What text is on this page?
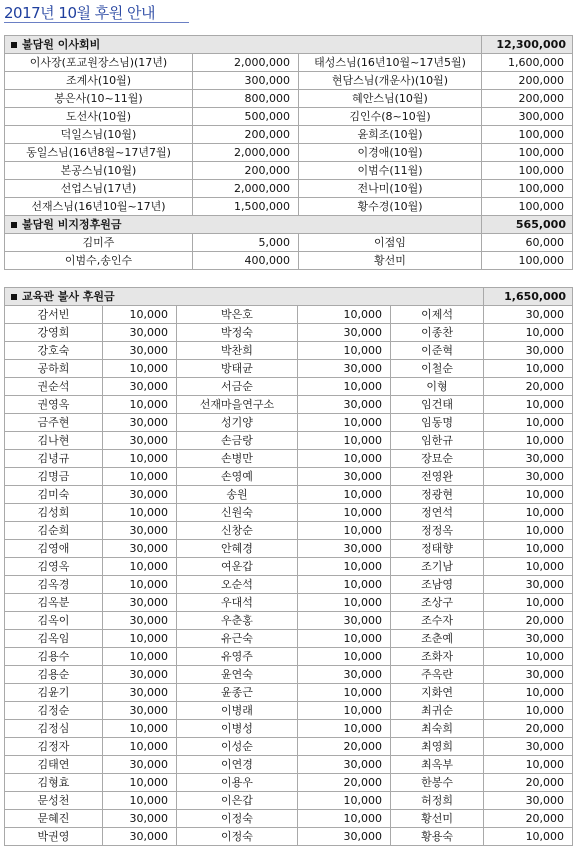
2017년 10월 후원 안내
불담원 이사회비			12,300,000
이사장(포교원장스님)(17년)	2,000,000	태성스님(16년10월~17년5월)	1,600,000
조계사(10월)	300,000	현담스님(개운사)(10월)	200,000
봉은사(10~11월)	800,000	혜안스님(10월)	200,000
도선사(10월)	500,000	김인수(8~10월)	300,000
덕일스님(10월)	200,000	윤희조(10월)	100,000
동일스님(16년8월~17년7월)	2,000,000	이경애(10월)	100,000
본공스님(10월)	200,000	이범수(11월)	100,000
선업스님(17년)	2,000,000	전나미(10월)	100,000
선재스님(16년10월~17년)	1,500,000	황수경(10월)	100,000
불담원 비지정후원금			565,000
김미주	5,000	이점임	60,000
이범수,송인수	400,000	황선미	100,000
교육관 불사 후원금					1,650,000
감서빈	10,000	박은호	10,000	이제석	30,000
강영희	30,000	박정숙	30,000	이종찬	10,000
강호숙	30,000	박찬희	10,000	이준혁	30,000
공하희	10,000	방태균	30,000	이철순	10,000
권순석	30,000	서금순	10,000	이형	20,000
권영옥	10,000	선재마을연구소	30,000	임건태	10,000
금주현	30,000	성기양	10,000	임동명	10,000
김나현	30,000	손금랑	10,000	임한규	10,000
김녕규	10,000	손병만	10,000	장묘순	30,000
김명금	10,000	손영예	30,000	전영완	30,000
김미숙	30,000	송원	10,000	정광현	10,000
김성희	10,000	신원숙	10,000	정연석	10,000
김순희	30,000	신창순	10,000	정정옥	10,000
김영애	30,000	안혜경	30,000	정태향	10,000
김영옥	10,000	여운갑	10,000	조기남	10,000
김옥경	10,000	오순석	10,000	조남영	30,000
김옥분	30,000	우대석	10,000	조상구	10,000
김옥이	30,000	우춘홍	30,000	조수자	20,000
김옥임	10,000	유근숙	10,000	조춘예	30,000
김용수	10,000	유영주	10,000	조화자	10,000
김용순	30,000	윤연숙	30,000	주옥란	30,000
김윤기	30,000	윤종근	10,000	지화연	10,000
김정순	30,000	이병래	10,000	최귀순	10,000
김정심	10,000	이병성	10,000	최숙희	20,000
김정자	10,000	이성순	20,000	최영희	30,000
김태연	30,000	이연경	30,000	최옥부	10,000
김형효	10,000	이용우	20,000	한봉수	20,000
문성천	10,000	이은갑	10,000	허정희	30,000
문혜진	30,000	이정숙	10,000	황선미	20,000
박권영	30,000	이정숙	30,000	황용숙	10,000
